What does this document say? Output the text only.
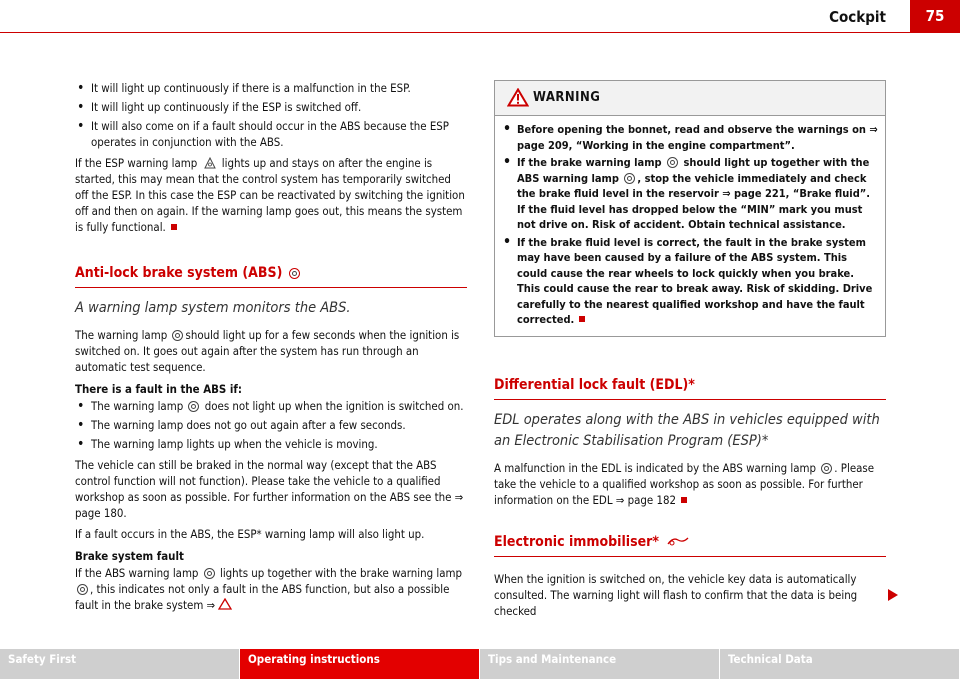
Cockpit	75

• It will light up continuously if there is a malfunction in the ESP.

• It will light up continuously if the ESP is switched off.

• It will also come on if a fault should occur in the ABS because the ESP operates in conjunction with the ABS.

If the ESP warning lamp lights up and stays on after the engine is started, this may mean that the control system has temporarily switched off the ESP. In this case the ESP can be reactivated by switching the ignition off and then on again. If the warning lamp goes out, this means the system is fully functional.

Anti-lock brake system (ABS)
A warning lamp system monitors the ABS.

The warning lamp should light up for a few seconds when the ignition is switched on. It goes out again after the system has run through an automatic test sequence.

There is a fault in the ABS if:

• The warning lamp does not light up when the ignition is switched on.

• The warning lamp does not go out again after a few seconds.

• The warning lamp lights up when the vehicle is moving.

The vehicle can still be braked in the normal way (except that the ABS control function will not function). Please take the vehicle to a qualified workshop as soon as possible. For further information on the ABS see the ⇒ page 180.

If a fault occurs in the ABS, the ESP* warning lamp will also light up.

Brake system fault

If the ABS warning lamp lights up together with the brake warning lamp , this indicates not only a fault in the ABS function, but also a possible fault in the brake system ⇒

WARNING

• Before opening the bonnet, read and observe the warnings on ⇒ page 209, “Working in the engine compartment”.

• If the brake warning lamp should light up together with the ABS warning lamp , stop the vehicle immediately and check the brake fluid level in the reservoir ⇒ page 221, “Brake fluid”. If the fluid level has dropped below the “MIN” mark you must not drive on. Risk of accident. Obtain technical assistance.

• If the brake fluid level is correct, the fault in the brake system may have been caused by a failure of the ABS system. This could cause the rear wheels to lock quickly when you brake. This could cause the rear to break away. Risk of skidding. Drive carefully to the nearest qualified workshop and have the fault corrected.

Differential lock fault (EDL)*
EDL operates along with the ABS in vehicles equipped with an Electronic Stabilisation Program (ESP)*

A malfunction in the EDL is indicated by the ABS warning lamp . Please take the vehicle to a qualified workshop as soon as possible. For further information on the EDL ⇒ page 182

Electronic immobiliser*

When the ignition is switched on, the vehicle key data is automatically consulted. The warning light will flash to confirm that the data is being checked

Safety First	Operating instructions	Tips and Maintenance	Technical Data
